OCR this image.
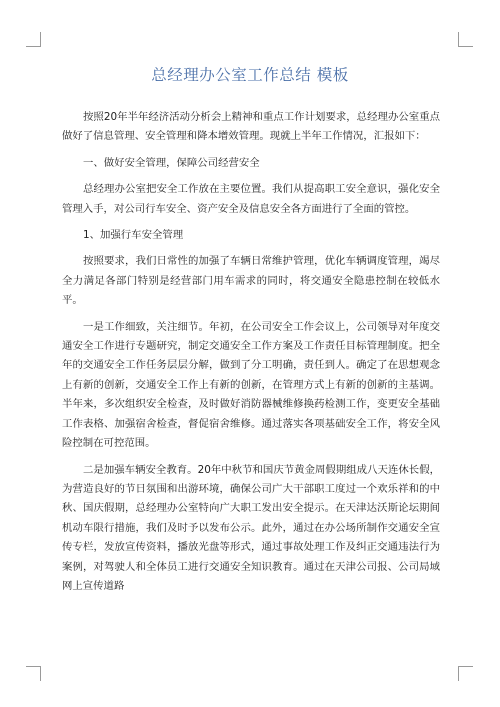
总经理办公室工作总结 模板

按照20年半年经济活动分析会上精神和重点工作计划要求，总经理办公室重点做好了信息管理、安全管理和降本增效管理。现就上半年工作情况，汇报如下：

一、做好安全管理，保障公司经营安全

总经理办公室把安全工作放在主要位置。我们从提高职工安全意识，强化安全管理入手，对公司行车安全、资产安全及信息安全各方面进行了全面的管控。

1、加强行车安全管理

按照要求，我们日常性的加强了车辆日常维护管理，优化车辆调度管理，竭尽全力满足各部门特别是经营部门用车需求的同时，将交通安全隐患控制在较低水平。

一是工作细致，关注细节。年初，在公司安全工作会议上，公司领导对年度交通安全工作进行专题研究，制定交通安全工作方案及工作责任目标管理制度。把全年的交通安全工作任务层层分解，做到了分工明确，责任到人。确定了在思想观念上有新的创新，交通安全工作上有新的创新，在管理方式上有新的创新的主基调。半年来，多次组织安全检查，及时做好消防器械维修换药检测工作，变更安全基础工作表格、加强宿舍检查，督促宿舍维修。通过落实各项基础安全工作，将安全风险控制在可控范围。

二是加强车辆安全教育。20年中秋节和国庆节黄金周假期组成八天连休长假，为营造良好的节日氛围和出游环境，确保公司广大干部职工度过一个欢乐祥和的中秋、国庆假期，总经理办公室特向广大职工发出安全提示。在天津达沃斯论坛期间机动车限行措施，我们及时予以发布公示。此外，通过在办公场所制作交通安全宣传专栏，发放宣传资料，播放光盘等形式，通过事故处理工作及纠正交通违法行为案例，对驾驶人和全体员工进行交通安全知识教育。通过在天津公司报、公司局域网上宣传道路
